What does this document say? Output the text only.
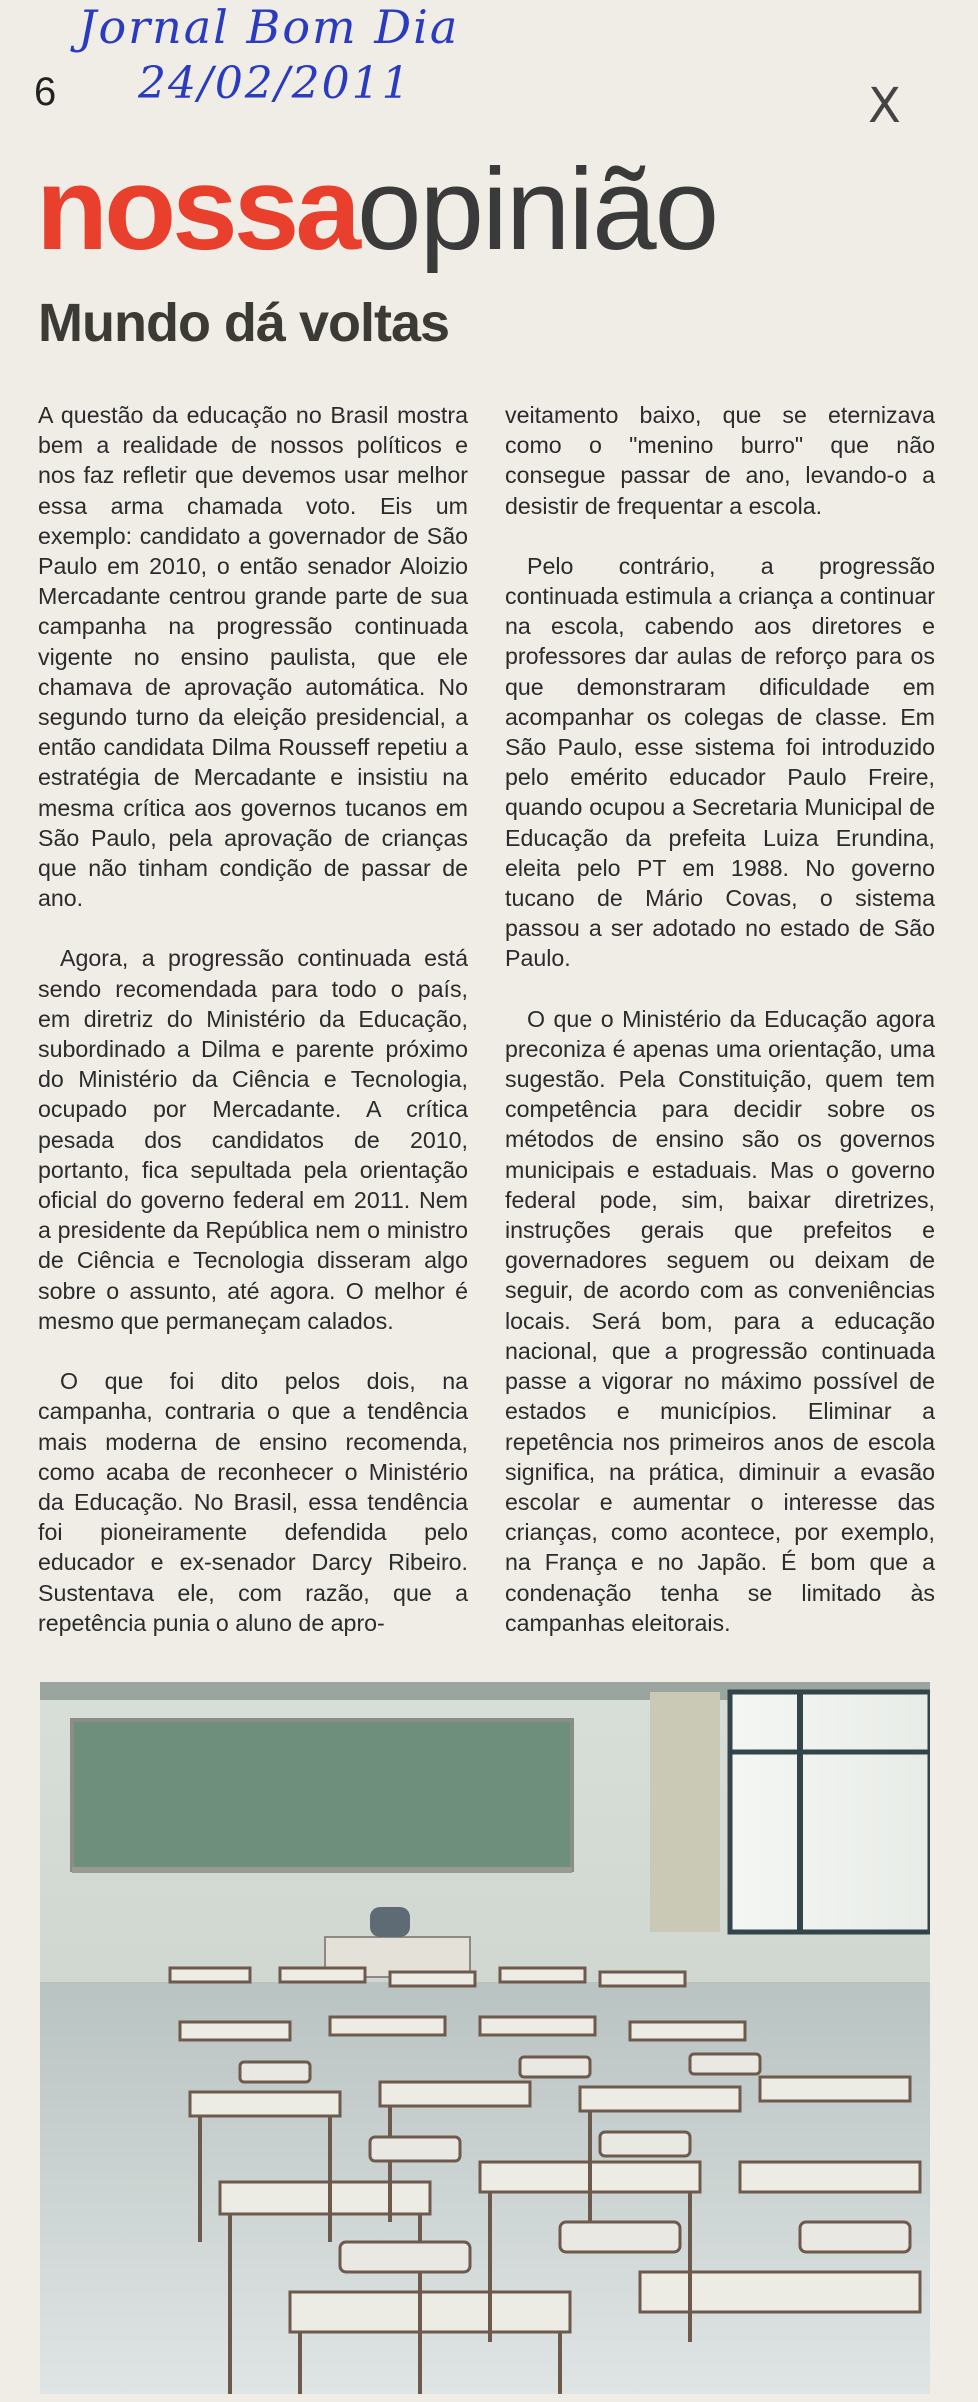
Jornal Bom Dia
24/02/2011
6	X
nossaopinião
Mundo dá voltas

A questão da educação no Brasil mostra bem a realidade de nossos políticos e nos faz refletir que devemos usar melhor essa arma chamada voto. Eis um exemplo: candidato a governador de São Paulo em 2010, o então senador Aloizio Mercadante centrou grande parte de sua campanha na progressão continuada vigente no ensino paulista, que ele chamava de aprovação automática. No segundo turno da eleição presidencial, a então candidata Dilma Rousseff repetiu a estratégia de Mercadante e insistiu na mesma crítica aos governos tucanos em São Paulo, pela aprovação de crianças que não tinham condição de passar de ano.

Agora, a progressão continuada está sendo recomendada para todo o país, em diretriz do Ministério da Educação, subordinado a Dilma e parente próximo do Ministério da Ciência e Tecnologia, ocupado por Mercadante. A crítica pesada dos candidatos de 2010, portanto, fica sepultada pela orientação oficial do governo federal em 2011. Nem a presidente da República nem o ministro de Ciência e Tecnologia disseram algo sobre o assunto, até agora. O melhor é mesmo que permaneçam calados.

O que foi dito pelos dois, na campanha, contraria o que a tendência mais moderna de ensino recomenda, como acaba de reconhecer o Ministério da Educação. No Brasil, essa tendência foi pioneiramente defendida pelo educador e ex-senador Darcy Ribeiro. Sustentava ele, com razão, que a repetência punia o aluno de apro-

veitamento baixo, que se eternizava como o "menino burro" que não consegue passar de ano, levando-o a desistir de frequentar a escola.

Pelo contrário, a progressão continuada estimula a criança a continuar na escola, cabendo aos diretores e professores dar aulas de reforço para os que demonstraram dificuldade em acompanhar os colegas de classe. Em São Paulo, esse sistema foi introduzido pelo emérito educador Paulo Freire, quando ocupou a Secretaria Municipal de Educação da prefeita Luiza Erundina, eleita pelo PT em 1988. No governo tucano de Mário Covas, o sistema passou a ser adotado no estado de São Paulo.

O que o Ministério da Educação agora preconiza é apenas uma orientação, uma sugestão. Pela Constituição, quem tem competência para decidir sobre os métodos de ensino são os governos municipais e estaduais. Mas o governo federal pode, sim, baixar diretrizes, instruções gerais que prefeitos e governadores seguem ou deixam de seguir, de acordo com as conveniências locais. Será bom, para a educação nacional, que a progressão continuada passe a vigorar no máximo possível de estados e municípios. Eliminar a repetência nos primeiros anos de escola significa, na prática, diminuir a evasão escolar e aumentar o interesse das crianças, como acontece, por exemplo, na França e no Japão. É bom que a condenação tenha se limitado às campanhas eleitorais.
